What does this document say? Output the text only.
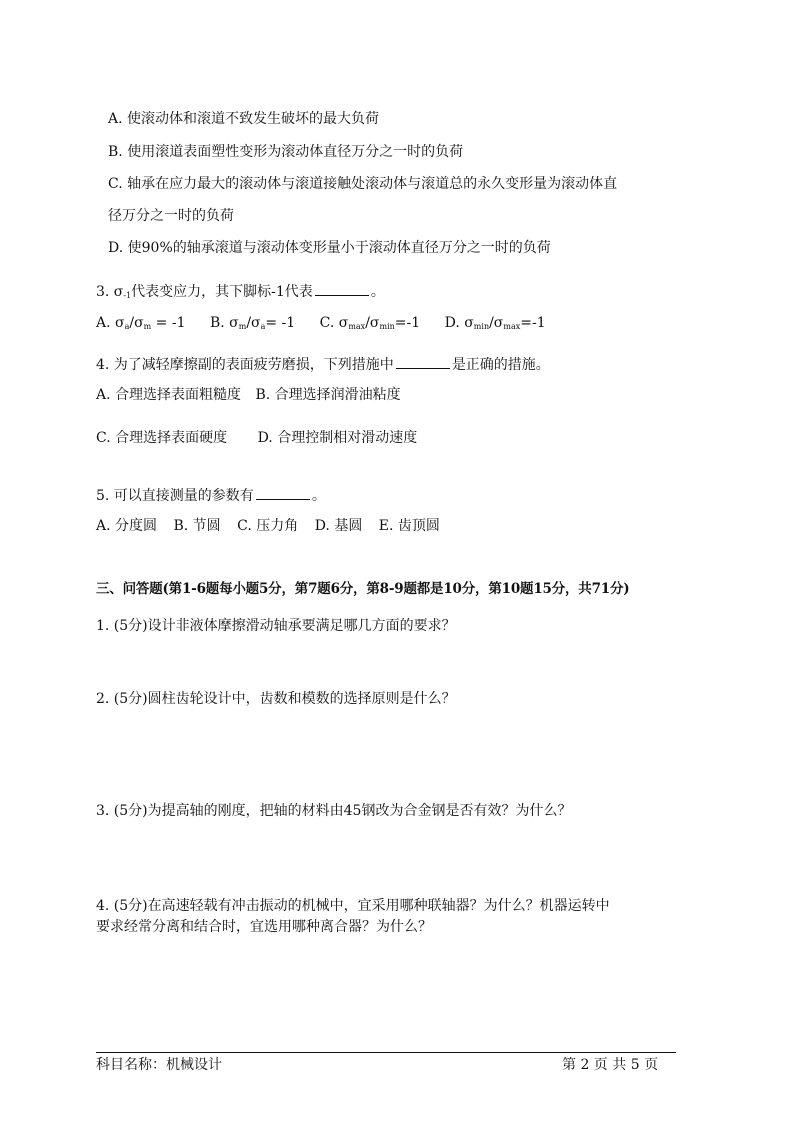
A. 使滚动体和滚道不致发生破坏的最大负荷
B. 使用滚道表面塑性变形为滚动体直径万分之一时的负荷
C. 轴承在应力最大的滚动体与滚道接触处滚动体与滚道总的永久变形量为滚动体直
径万分之一时的负荷
D. 使90%的轴承滚道与滚动体变形量小于滚动体直径万分之一时的负荷
3. $\sigma_{-1}$代表变应力，其下脚标-1代表	。
A. $\sigma_a/\sigma_m = -1$ B. $\sigma_m/\sigma_a= -1$ C. $\sigma_{max}/\sigma_{min}=-1$ D. $\sigma_{min}/\sigma_{max}=-1$
4. 为了减轻摩擦副的表面疲劳磨损，下列措施中	是正确的措施。
A. 合理选择表面粗糙度 B. 合理选择润滑油粘度
C. 合理选择表面硬度 D. 合理控制相对滑动速度
5. 可以直接测量的参数有	。
A. 分度圆 B. 节圆 C. 压力角 D. 基圆 E. 齿顶圆
三、问答题(第1-6题每小题5分，第7题6分，第8-9题都是10分，第10题15分，共71分)
1. (5分)设计非液体摩擦滑动轴承要满足哪几方面的要求？
2. (5分)圆柱齿轮设计中，齿数和模数的选择原则是什么？
3. (5分)为提高轴的刚度，把轴的材料由45钢改为合金钢是否有效？为什么？
4. (5分)在高速轻载有冲击振动的机械中，宜采用哪种联轴器？为什么？机器运转中
要求经常分离和结合时，宜选用哪种离合器？为什么？
科目名称：机械设计	第 2 页 共 5 页
